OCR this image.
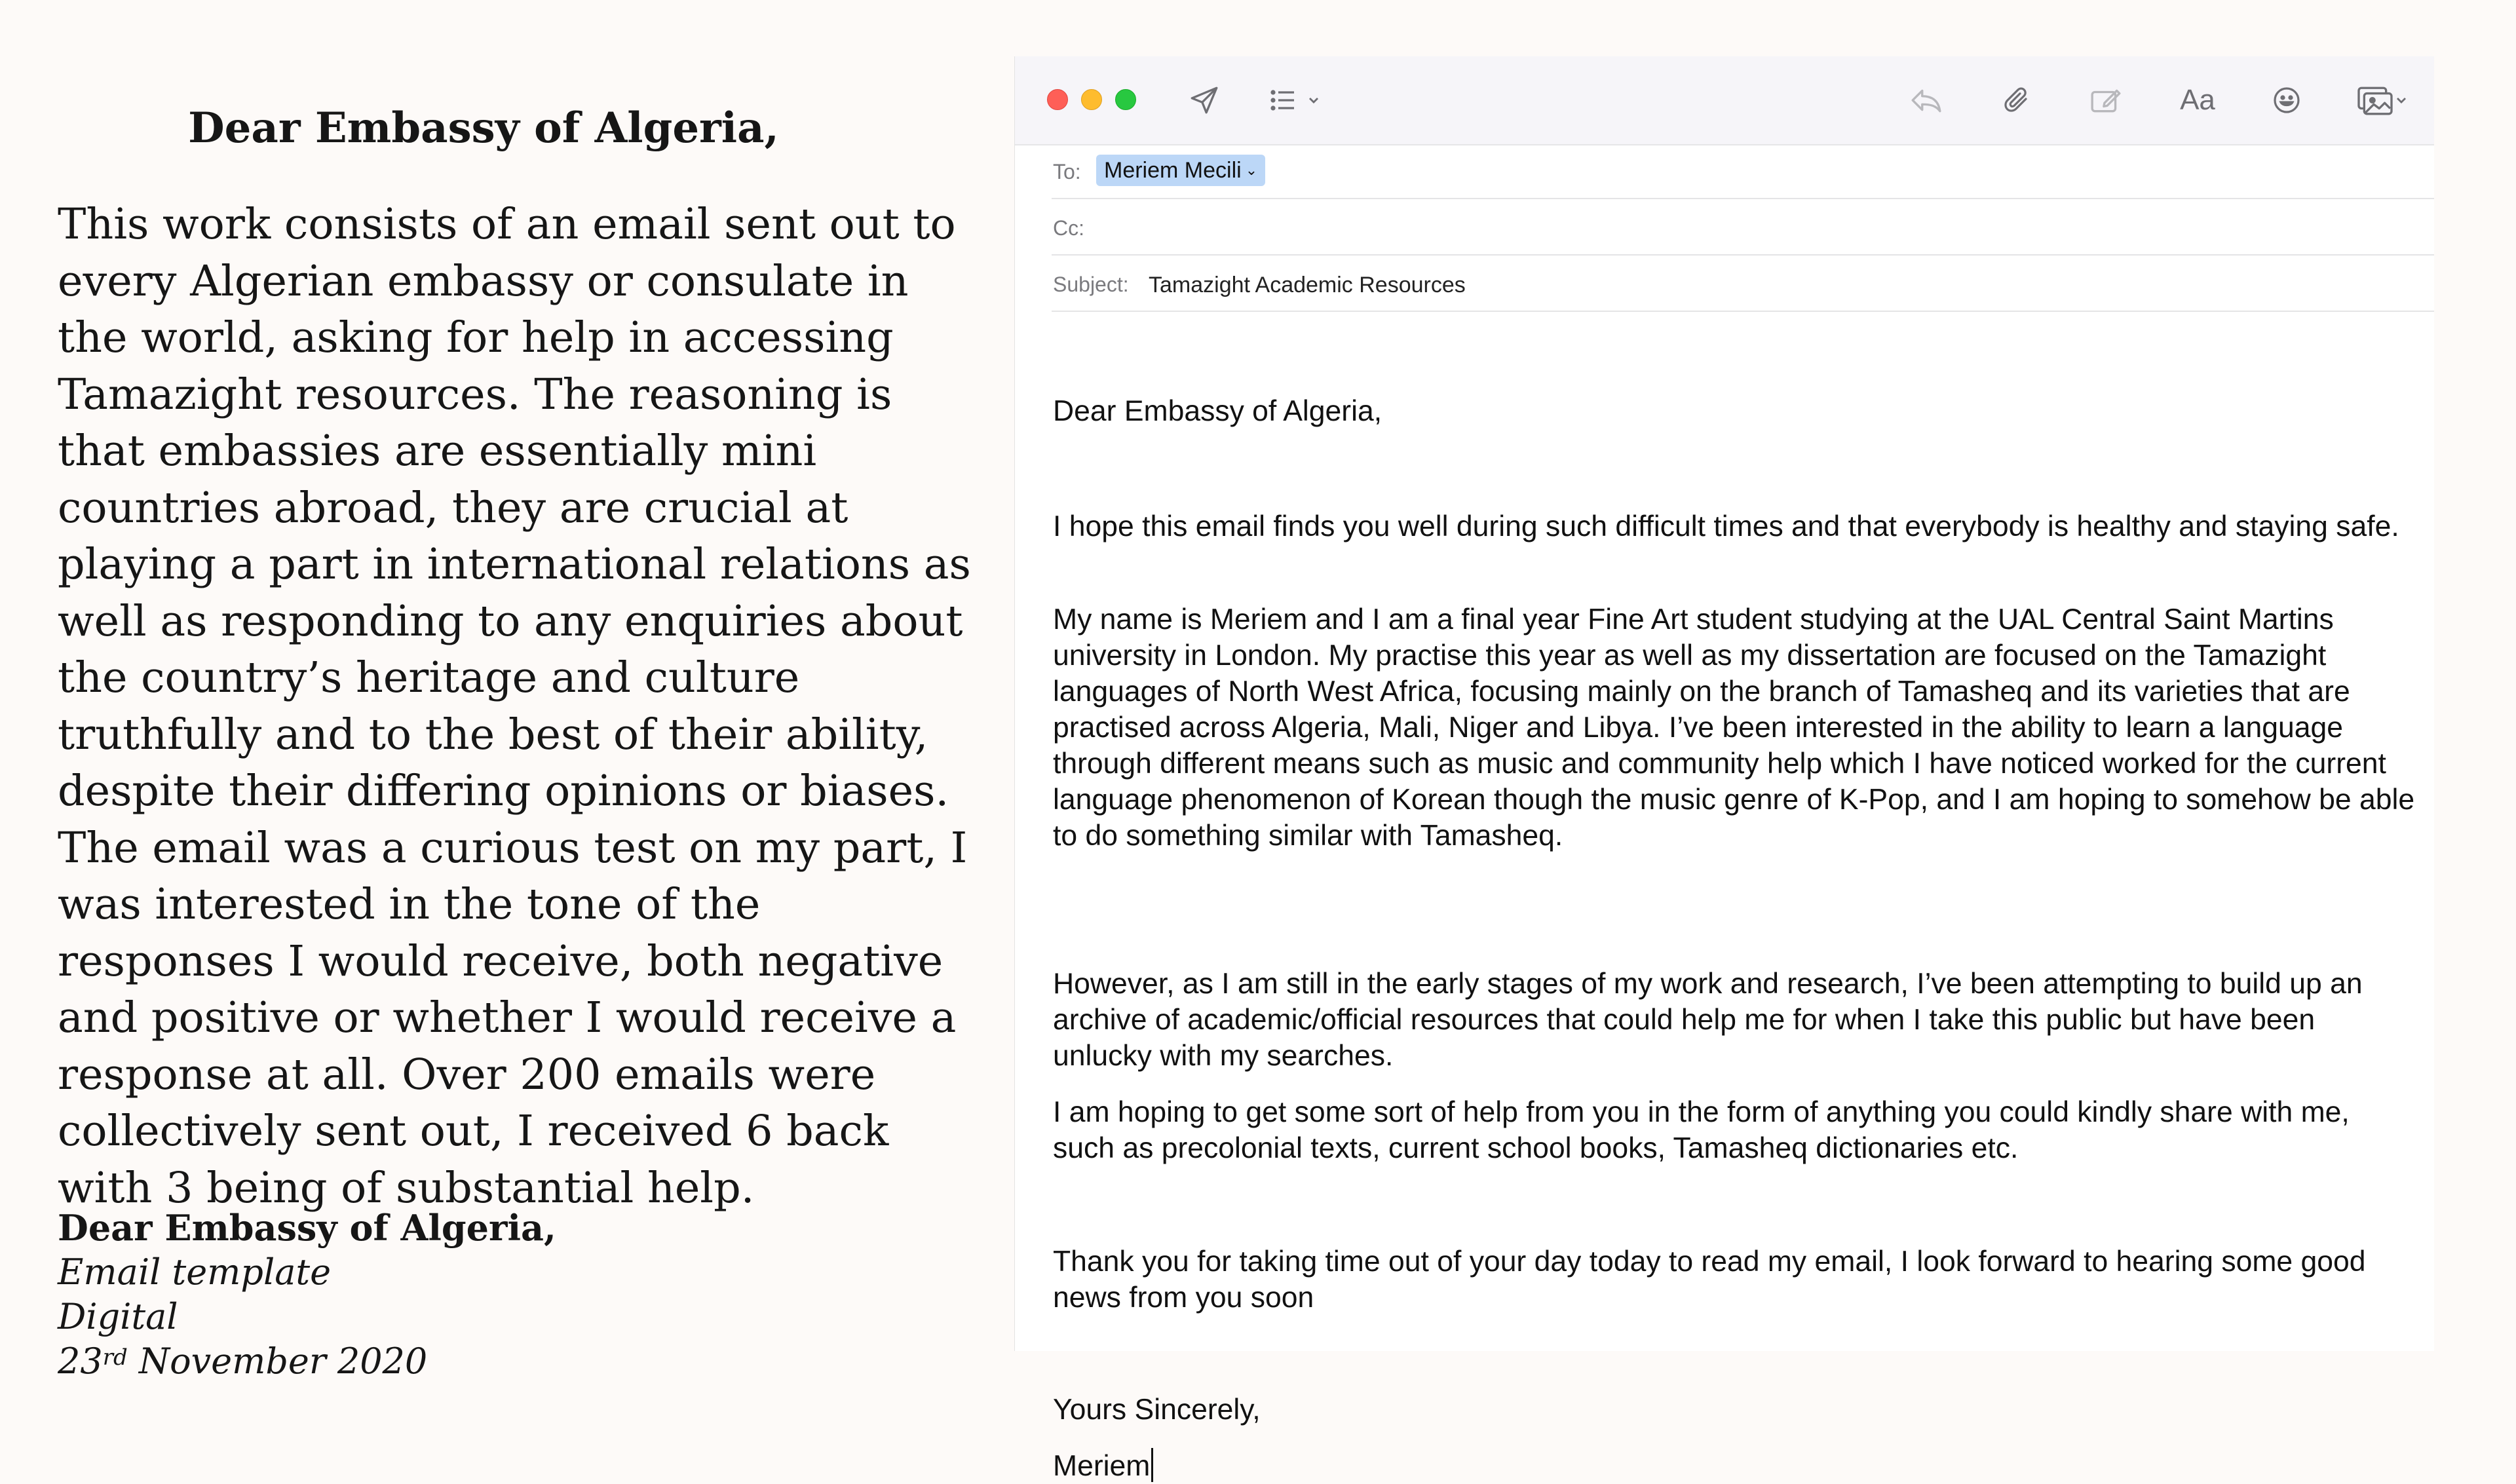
Dear Embassy of Algeria,
This work consists of an email sent out to every Algerian embassy or consulate in the world, asking for help in accessing Tamazight resources. The reasoning is that embassies are essentially mini countries abroad, they are crucial at playing a part in international relations as well as responding to any enquiries about the country’s heritage and culture truthfully and to the best of their ability, despite their differing opinions or biases. The email was a curious test on my part, I was interested in the tone of the responses I would receive, both negative and positive or whether I would receive a response at all. Over 200 emails were collectively sent out, I received 6 back with 3 being of substantial help.
Dear Embassy of Algeria,
Email template
Digital
23rd November 2020
Aa
To: Meriem Mecili ⌄
Cc:
Subject: Tamazight Academic Resources

Dear Embassy of Algeria,

I hope this email finds you well during such difficult times and that everybody is healthy and staying safe.

My name is Meriem and I am a final year Fine Art student studying at the UAL Central Saint Martins university in London. My practise this year as well as my dissertation are focused on the Tamazight languages of North West Africa, focusing mainly on the branch of Tamasheq and its varieties that are practised across Algeria, Mali, Niger and Libya. I’ve been interested in the ability to learn a language through different means such as music and community help which I have noticed worked for the current language phenomenon of Korean though the music genre of K-Pop, and I am hoping to somehow be able to do something similar with Tamasheq.

However, as I am still in the early stages of my work and research, I’ve been attempting to build up an archive of academic/official resources that could help me for when I take this public but have been unlucky with my searches.

I am hoping to get some sort of help from you in the form of anything you could kindly share with me, such as precolonial texts, current school books, Tamasheq dictionaries etc.

Thank you for taking time out of your day today to read my email, I look forward to hearing some good news from you soon

Yours Sincerely,

Meriem
